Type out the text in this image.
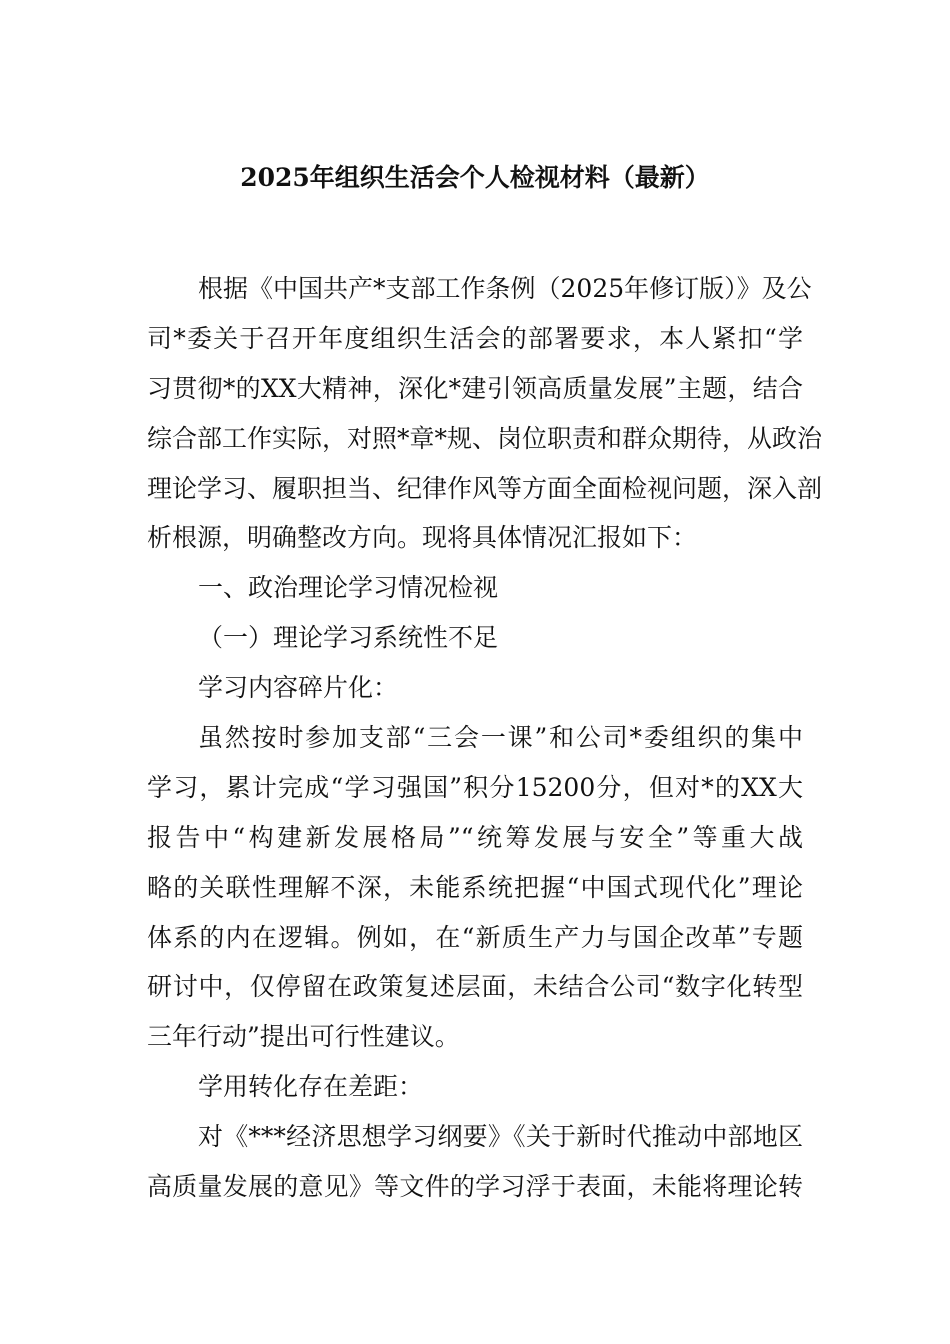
2025年组织生活会个人检视材料（最新）
根据《中国共产*支部工作条例（2025年修订版）》及公
司*委关于召开年度组织生活会的部署要求，本人紧扣“学
习贯彻*的XX大精神，深化*建引领高质量发展”主题，结合
综合部工作实际，对照*章*规、岗位职责和群众期待，从政治
理论学习、履职担当、纪律作风等方面全面检视问题，深入剖
析根源，明确整改方向。现将具体情况汇报如下：
一、政治理论学习情况检视
（一）理论学习系统性不足
学习内容碎片化：
虽然按时参加支部“三会一课”和公司*委组织的集中
学习，累计完成“学习强国”积分15200分，但对*的XX大
报告中“构建新发展格局”“统筹发展与安全”等重大战
略的关联性理解不深，未能系统把握“中国式现代化”理论
体系的内在逻辑。例如，在“新质生产力与国企改革”专题
研讨中，仅停留在政策复述层面，未结合公司“数字化转型
三年行动”提出可行性建议。
学用转化存在差距：
对《***经济思想学习纲要》《关于新时代推动中部地区
高质量发展的意见》等文件的学习浮于表面，未能将理论转
